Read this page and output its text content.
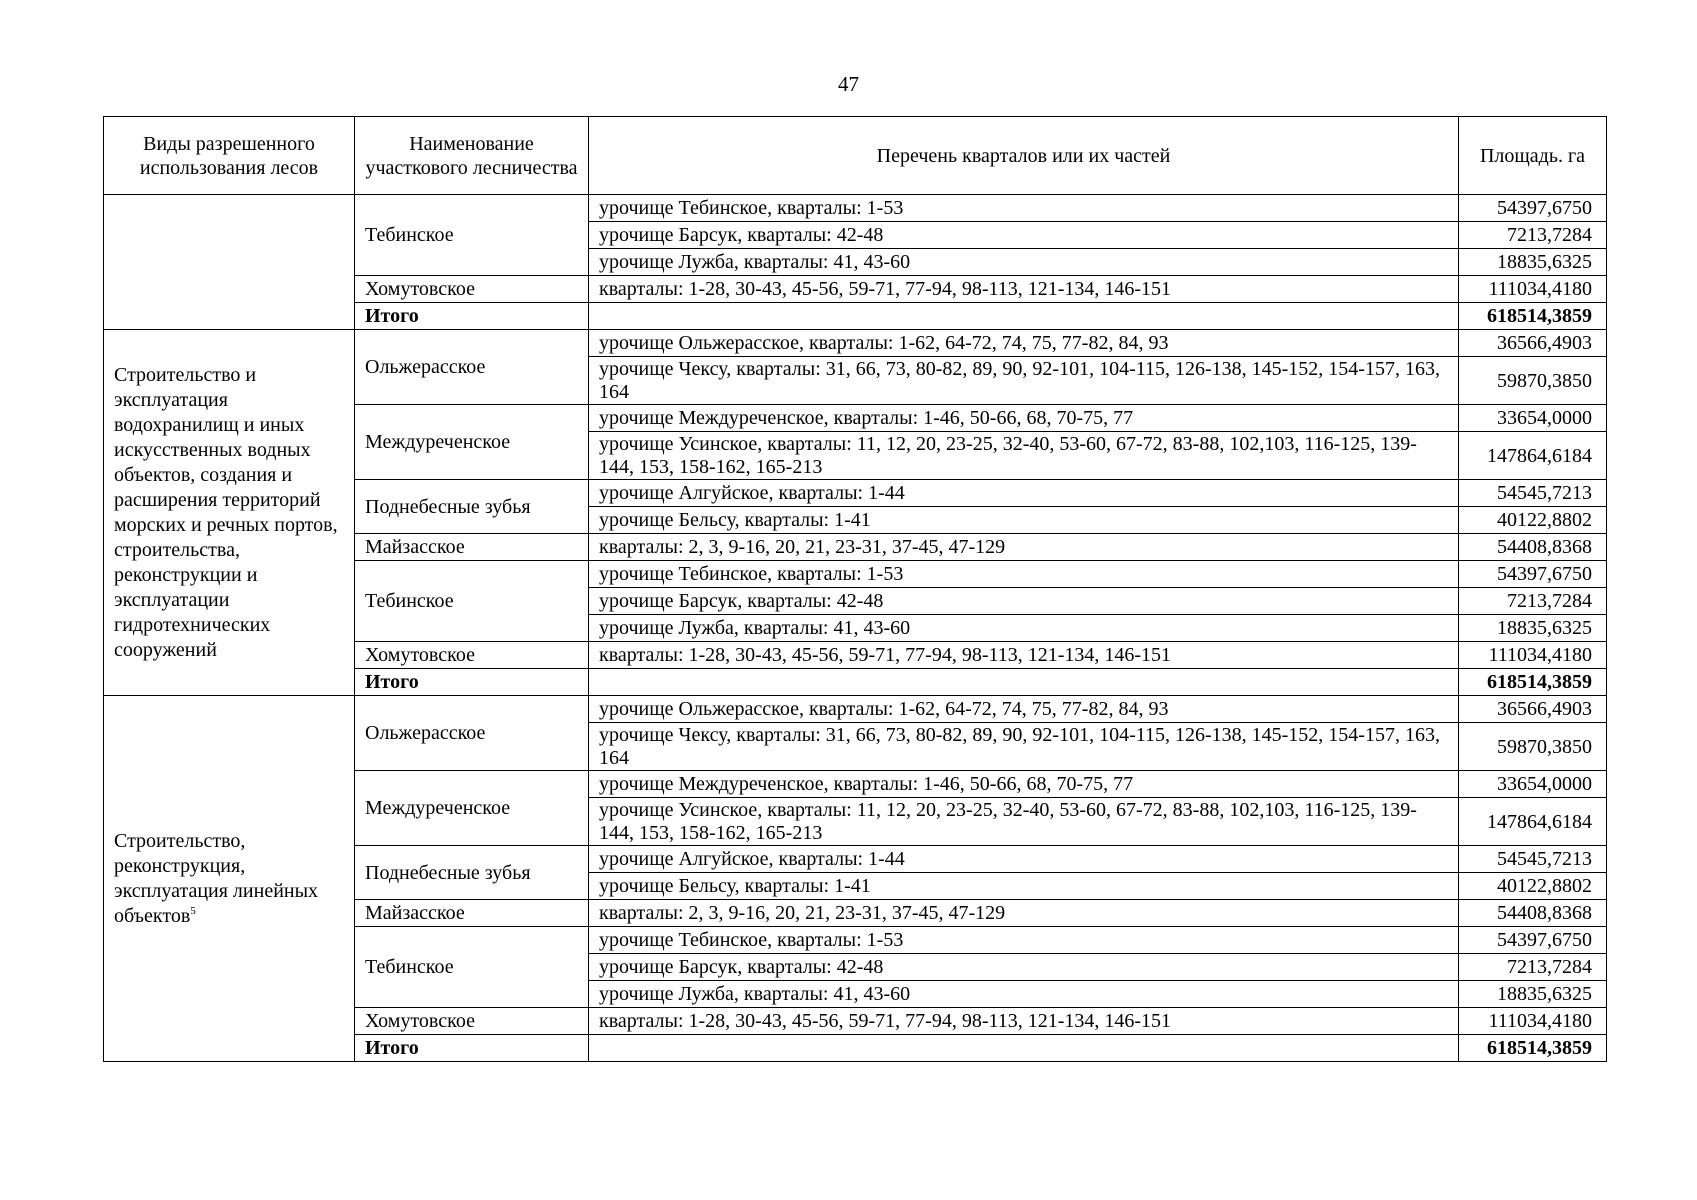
47
Виды разрешенного использования лесов	Наименование участкового лесничества	Перечень кварталов или их частей	Площадь. га
	Тебинское	урочище Тебинское, кварталы: 1-53	54397,6750
		урочище Барсук, кварталы: 42-48	7213,7284
		урочище Лужба, кварталы: 41, 43-60	18835,6325
	Хомутовское	кварталы: 1-28, 30-43, 45-56, 59-71, 77-94, 98-113, 121-134, 146-151	111034,4180
	Итого		618514,3859
Строительство и эксплуатация водохранилищ и иных искусственных водных объектов, создания и расширения территорий морских и речных портов, строительства, реконструкции и эксплуатации гидротехнических сооружений	Ольжерасское	урочище Ольжерасское, кварталы: 1-62, 64-72, 74, 75, 77-82, 84, 93	36566,4903
		урочище Чексу, кварталы: 31, 66, 73, 80-82, 89, 90, 92-101, 104-115, 126-138, 145-152, 154-157, 163, 164	59870,3850
	Междуреченское	урочище Междуреченское, кварталы: 1-46, 50-66, 68, 70-75, 77	33654,0000
		урочище Усинское, кварталы: 11, 12, 20, 23-25, 32-40, 53-60, 67-72, 83-88, 102,103, 116-125, 139-144, 153, 158-162, 165-213	147864,6184
	Поднебесные зубья	урочище Алгуйское, кварталы: 1-44	54545,7213
		урочище Бельсу, кварталы: 1-41	40122,8802
	Майзасское	кварталы: 2, 3, 9-16, 20, 21, 23-31, 37-45, 47-129	54408,8368
	Тебинское	урочище Тебинское, кварталы: 1-53	54397,6750
		урочище Барсук, кварталы: 42-48	7213,7284
		урочище Лужба, кварталы: 41, 43-60	18835,6325
	Хомутовское	кварталы: 1-28, 30-43, 45-56, 59-71, 77-94, 98-113, 121-134, 146-151	111034,4180
	Итого		618514,3859
Строительство, реконструкция, эксплуатация линейных объектов$^5$	Ольжерасское	урочище Ольжерасское, кварталы: 1-62, 64-72, 74, 75, 77-82, 84, 93	36566,4903
		урочище Чексу, кварталы: 31, 66, 73, 80-82, 89, 90, 92-101, 104-115, 126-138, 145-152, 154-157, 163, 164	59870,3850
	Междуреченское	урочище Междуреченское, кварталы: 1-46, 50-66, 68, 70-75, 77	33654,0000
		урочище Усинское, кварталы: 11, 12, 20, 23-25, 32-40, 53-60, 67-72, 83-88, 102,103, 116-125, 139-144, 153, 158-162, 165-213	147864,6184
	Поднебесные зубья	урочище Алгуйское, кварталы: 1-44	54545,7213
		урочище Бельсу, кварталы: 1-41	40122,8802
	Майзасское	кварталы: 2, 3, 9-16, 20, 21, 23-31, 37-45, 47-129	54408,8368
	Тебинское	урочище Тебинское, кварталы: 1-53	54397,6750
		урочище Барсук, кварталы: 42-48	7213,7284
		урочище Лужба, кварталы: 41, 43-60	18835,6325
	Хомутовское	кварталы: 1-28, 30-43, 45-56, 59-71, 77-94, 98-113, 121-134, 146-151	111034,4180
	Итого		618514,3859
